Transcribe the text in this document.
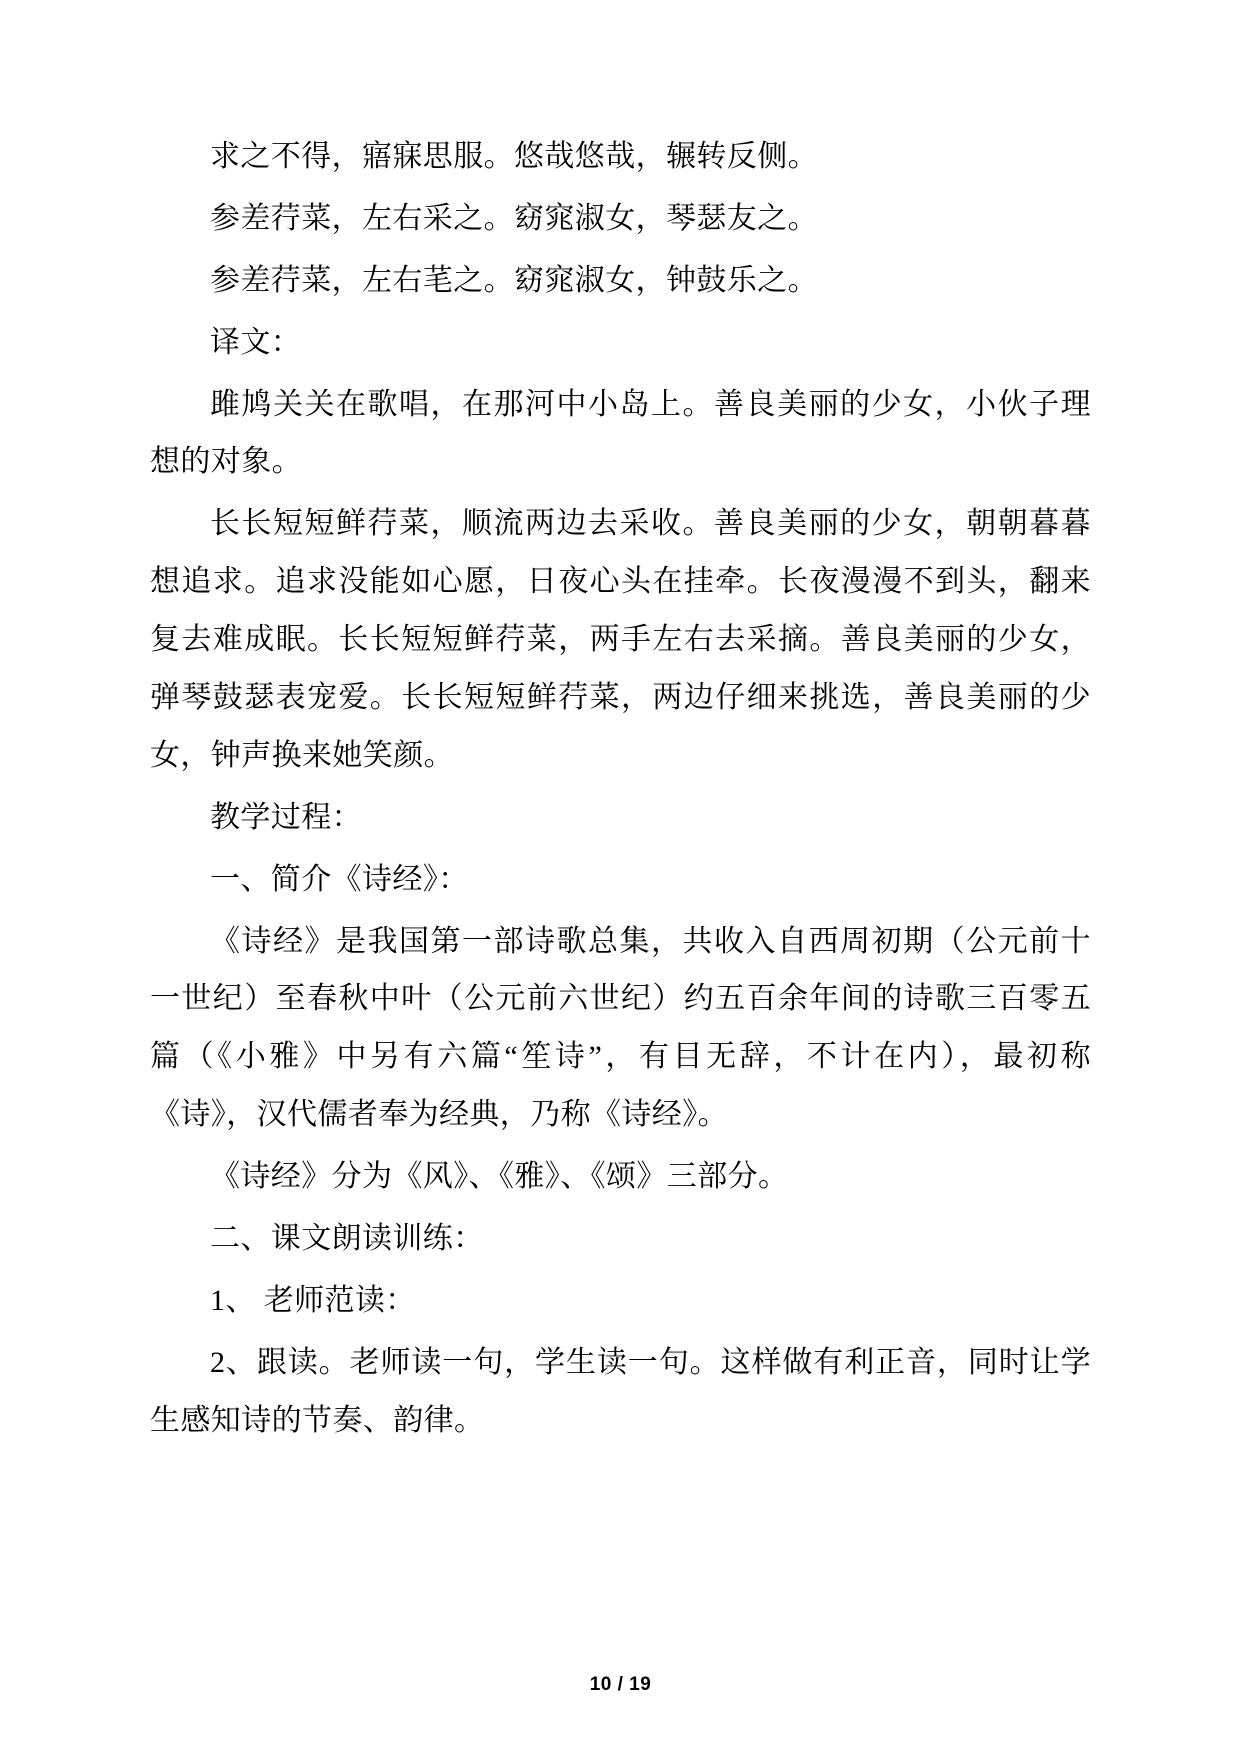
求之不得，寤寐思服。悠哉悠哉，辗转反侧。

参差荇菜，左右采之。窈窕淑女，琴瑟友之。

参差荇菜，左右芼之。窈窕淑女，钟鼓乐之。

译文：

雎鸠关关在歌唱，在那河中小岛上。善良美丽的少女，小伙子理想的对象。

长长短短鲜荇菜，顺流两边去采收。善良美丽的少女，朝朝暮暮想追求。追求没能如心愿，日夜心头在挂牵。长夜漫漫不到头，翻来复去难成眠。长长短短鲜荇菜，两手左右去采摘。善良美丽的少女，弹琴鼓瑟表宠爱。长长短短鲜荇菜，两边仔细来挑选，善良美丽的少女，钟声换来她笑颜。

教学过程：

一、简介《诗经》：

《诗经》是我国第一部诗歌总集，共收入自西周初期（公元前十一世纪）至春秋中叶（公元前六世纪）约五百余年间的诗歌三百零五篇（《小雅》中另有六篇“笙诗”，有目无辞，不计在内），最初称《诗》，汉代儒者奉为经典，乃称《诗经》。

《诗经》分为《风》、《雅》、《颂》三部分。

二、课文朗读训练：

1、 老师范读：

2、跟读。老师读一句，学生读一句。这样做有利正音，同时让学生感知诗的节奏、韵律。

10 / 19
